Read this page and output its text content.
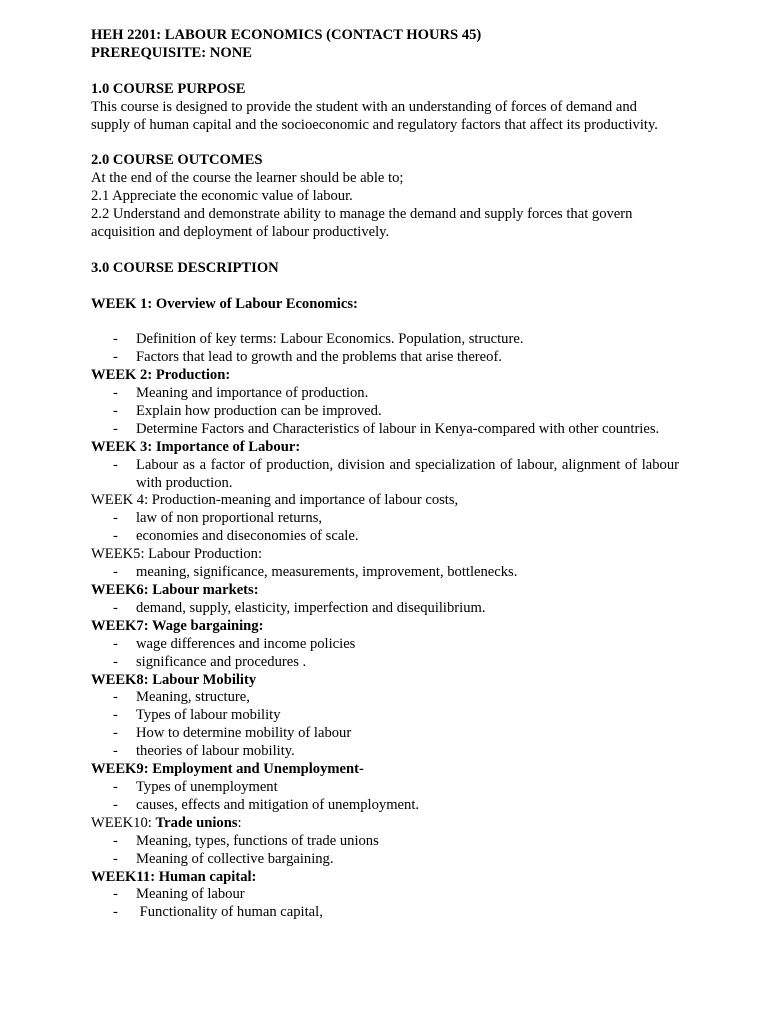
HEH 2201: LABOUR ECONOMICS (CONTACT HOURS 45)
PREREQUISITE: NONE
1.0 COURSE PURPOSE
This course is designed to provide the student with an understanding of forces of demand and supply of human capital and the socioeconomic and regulatory factors that affect its productivity.
2.0 COURSE OUTCOMES
At the end of the course the learner should be able to;
2.1 Appreciate the economic value of labour.
2.2 Understand and demonstrate ability to manage the demand and supply forces that govern acquisition and deployment of labour productively.
3.0 COURSE DESCRIPTION
WEEK 1: Overview of Labour Economics:
- Definition of key terms: Labour Economics. Population, structure.
- Factors that lead to growth and the problems that arise thereof.
WEEK 2: Production:
- Meaning and importance of production.
- Explain how production can be improved.
- Determine Factors and Characteristics of labour in Kenya-compared with other countries.
WEEK 3: Importance of Labour:
- Labour as a factor of production, division and specialization of labour, alignment of labour with production.
WEEK 4: Production-meaning and importance of labour costs,
- law of non proportional returns,
- economies and diseconomies of scale.
WEEK5: Labour Production:
- meaning, significance, measurements, improvement, bottlenecks.
WEEK6: Labour markets:
- demand, supply, elasticity, imperfection and disequilibrium.
WEEK7: Wage bargaining:
- wage differences and income policies
- significance and procedures .
WEEK8: Labour Mobility
- Meaning, structure,
- Types of labour mobility
- How to determine mobility of labour
- theories of labour mobility.
WEEK9: Employment and Unemployment-
- Types of unemployment
- causes, effects and mitigation of unemployment.
WEEK10: Trade unions:
- Meaning, types, functions of trade unions
- Meaning of collective bargaining.
WEEK11: Human capital:
- Meaning of labour
- Functionality of human capital,
